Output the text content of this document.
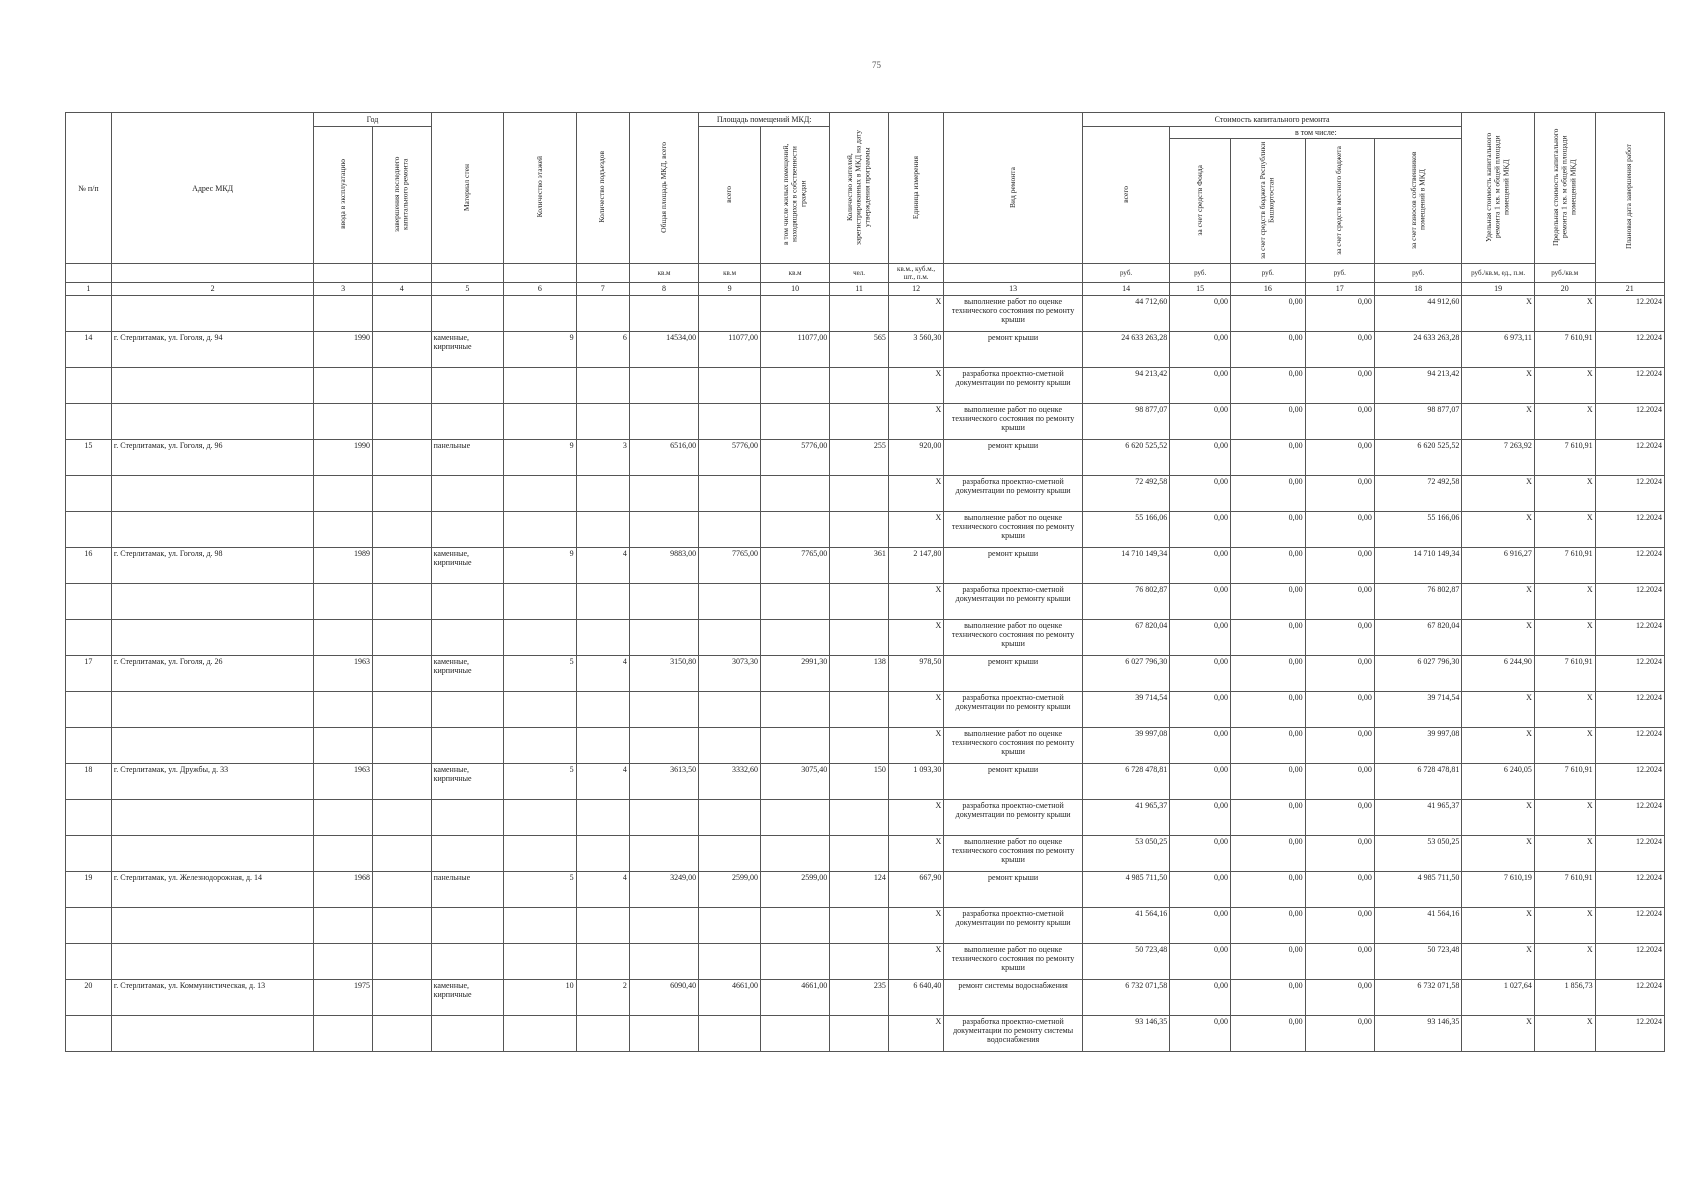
75
№ п/п	Адрес МКД	Год		Материал стен	Количество этажей	Количество подъездов	Общая площадь МКД, всего	Площадь помещений МКД:		Количество жителей, зарегистрированных в МКД на дату утверждения программы	Единица измерения	Вид ремонта	Стоимость капитального ремонта					Удельная стоимость капитального ремонта 1 кв. м общей площади помещений МКД	Предельная стоимость капитального ремонта 1 кв. м общей площади помещений МКД	Плановая дата завершения работ
		ввода в эксплуатацию	завершения последнего капитального ремонта					всего	в том числе жилых помещений, находящихся в собственности граждан				всего	в том числе:						
														за счет средств Фонда	за счет средств бюджета Республики Башкортостан	за счет средств местного бюджета	за счет взносов собственников помещений в МКД			
							кв.м	кв.м	кв.м	чел.	кв.м., куб.м., шт., п.м.		руб.	руб.	руб.	руб.	руб.	руб./кв.м, ед., п.м.	руб./кв.м	
1	2	3	4	5	6	7	8	9	10	11	12	13	14	15	16	17	18	19	20	21
											X	выполнение работ по оценке технического состояния по ремонту крыши	44 712,60	0,00	0,00	0,00	44 912,60	X	X	12.2024
14	г. Стерлитамак, ул. Гоголя, д. 94	1990		каменные, кирпичные	9	6	14534,00	11077,00	11077,00	565	3 560,30	ремонт крыши	24 633 263,28	0,00	0,00	0,00	24 633 263,28	6 973,11	7 610,91	12.2024
											X	разработка проектно-сметной документации по ремонту крыши	94 213,42	0,00	0,00	0,00	94 213,42	X	X	12.2024
											X	выполнение работ по оценке технического состояния по ремонту крыши	98 877,07	0,00	0,00	0,00	98 877,07	X	X	12.2024
15	г. Стерлитамак, ул. Гоголя, д. 96	1990		панельные	9	3	6516,00	5776,00	5776,00	255	920,00	ремонт крыши	6 620 525,52	0,00	0,00	0,00	6 620 525,52	7 263,92	7 610,91	12.2024
											X	разработка проектно-сметной документации по ремонту крыши	72 492,58	0,00	0,00	0,00	72 492,58	X	X	12.2024
											X	выполнение работ по оценке технического состояния по ремонту крыши	55 166,06	0,00	0,00	0,00	55 166,06	X	X	12.2024
16	г. Стерлитамак, ул. Гоголя, д. 98	1989		каменные, кирпичные	9	4	9883,00	7765,00	7765,00	361	2 147,80	ремонт крыши	14 710 149,34	0,00	0,00	0,00	14 710 149,34	6 916,27	7 610,91	12.2024
											X	разработка проектно-сметной документации по ремонту крыши	76 802,87	0,00	0,00	0,00	76 802,87	X	X	12.2024
											X	выполнение работ по оценке технического состояния по ремонту крыши	67 820,04	0,00	0,00	0,00	67 820,04	X	X	12.2024
17	г. Стерлитамак, ул. Гоголя, д. 26	1963		каменные, кирпичные	5	4	3150,80	3073,30	2991,30	138	978,50	ремонт крыши	6 027 796,30	0,00	0,00	0,00	6 027 796,30	6 244,90	7 610,91	12.2024
											X	разработка проектно-сметной документации по ремонту крыши	39 714,54	0,00	0,00	0,00	39 714,54	X	X	12.2024
											X	выполнение работ по оценке технического состояния по ремонту крыши	39 997,08	0,00	0,00	0,00	39 997,08	X	X	12.2024
18	г. Стерлитамак, ул. Дружбы, д. 33	1963		каменные, кирпичные	5	4	3613,50	3332,60	3075,40	150	1 093,30	ремонт крыши	6 728 478,81	0,00	0,00	0,00	6 728 478,81	6 240,05	7 610,91	12.2024
											X	разработка проектно-сметной документации по ремонту крыши	41 965,37	0,00	0,00	0,00	41 965,37	X	X	12.2024
											X	выполнение работ по оценке технического состояния по ремонту крыши	53 050,25	0,00	0,00	0,00	53 050,25	X	X	12.2024
19	г. Стерлитамак, ул. Железнодорожная, д. 14	1968		панельные	5	4	3249,00	2599,00	2599,00	124	667,90	ремонт крыши	4 985 711,50	0,00	0,00	0,00	4 985 711,50	7 610,19	7 610,91	12.2024
											X	разработка проектно-сметной документации по ремонту крыши	41 564,16	0,00	0,00	0,00	41 564,16	X	X	12.2024
											X	выполнение работ по оценке технического состояния по ремонту крыши	50 723,48	0,00	0,00	0,00	50 723,48	X	X	12.2024
20	г. Стерлитамак, ул. Коммунистическая, д. 13	1975		каменные, кирпичные	10	2	6090,40	4661,00	4661,00	235	6 640,40	ремонт системы водоснабжения	6 732 071,58	0,00	0,00	0,00	6 732 071,58	1 027,64	1 856,73	12.2024
											X	разработка проектно-сметной документации по ремонту системы водоснабжения	93 146,35	0,00	0,00	0,00	93 146,35	X	X	12.2024
